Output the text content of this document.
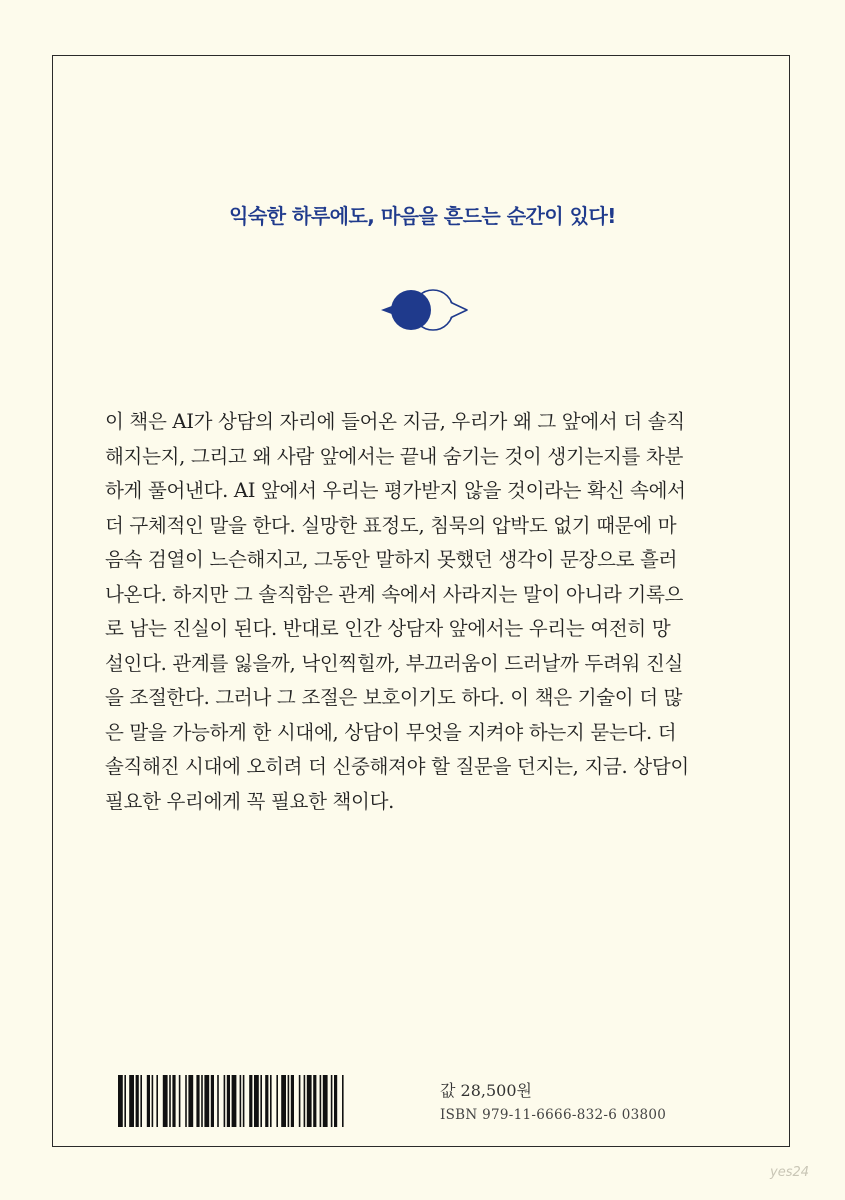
익숙한 하루에도, 마음을 흔드는 순간이 있다!
이 책은 AI가 상담의 자리에 들어온 지금, 우리가 왜 그 앞에서 더 솔직
해지는지, 그리고 왜 사람 앞에서는 끝내 숨기는 것이 생기는지를 차분
하게 풀어낸다. AI 앞에서 우리는 평가받지 않을 것이라는 확신 속에서
더 구체적인 말을 한다. 실망한 표정도, 침묵의 압박도 없기 때문에 마
음속 검열이 느슨해지고, 그동안 말하지 못했던 생각이 문장으로 흘러
나온다. 하지만 그 솔직함은 관계 속에서 사라지는 말이 아니라 기록으
로 남는 진실이 된다. 반대로 인간 상담자 앞에서는 우리는 여전히 망
설인다. 관계를 잃을까, 낙인찍힐까, 부끄러움이 드러날까 두려워 진실
을 조절한다. 그러나 그 조절은 보호이기도 하다. 이 책은 기술이 더 많
은 말을 가능하게 한 시대에, 상담이 무엇을 지켜야 하는지 묻는다. 더
솔직해진 시대에 오히려 더 신중해져야 할 질문을 던지는, 지금. 상담이
필요한 우리에게 꼭 필요한 책이다.
값 28,500원
ISBN 979-11-6666-832-6 03800
yes24
